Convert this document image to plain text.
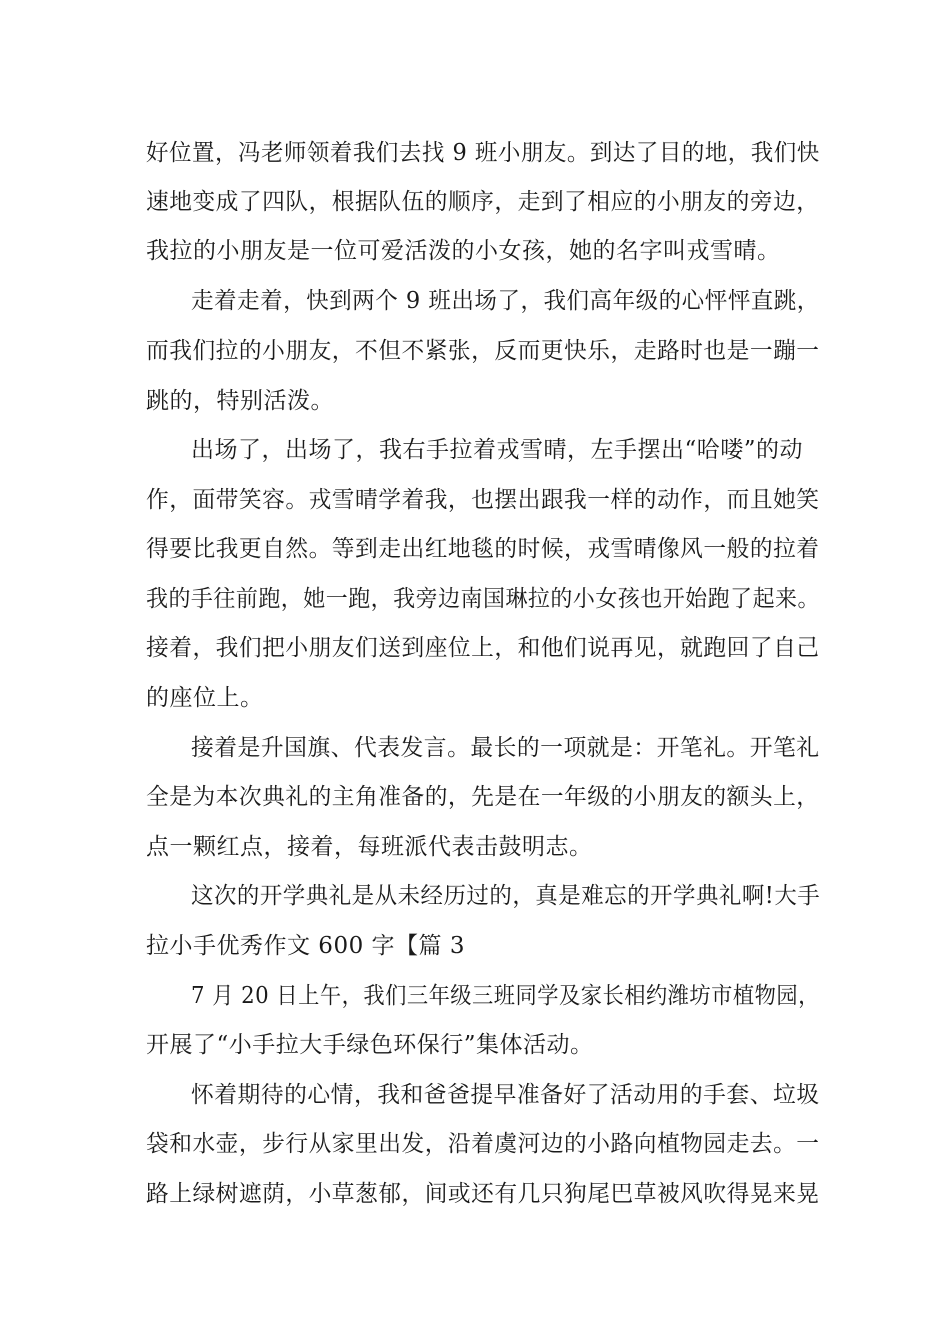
好位置，冯老师领着我们去找 9 班小朋友。到达了目的地，我们快
速地变成了四队，根据队伍的顺序，走到了相应的小朋友的旁边，
我拉的小朋友是一位可爱活泼的小女孩，她的名字叫戎雪晴。
走着走着，快到两个 9 班出场了，我们高年级的心怦怦直跳，
而我们拉的小朋友，不但不紧张，反而更快乐，走路时也是一蹦一
跳的，特别活泼。
出场了，出场了，我右手拉着戎雪晴，左手摆出“哈喽”的动
作，面带笑容。戎雪晴学着我，也摆出跟我一样的动作，而且她笑
得要比我更自然。等到走出红地毯的时候，戎雪晴像风一般的拉着
我的手往前跑，她一跑，我旁边南国琳拉的小女孩也开始跑了起来。
接着，我们把小朋友们送到座位上，和他们说再见，就跑回了自己
的座位上。
接着是升国旗、代表发言。最长的一项就是：开笔礼。开笔礼
全是为本次典礼的主角准备的，先是在一年级的小朋友的额头上，
点一颗红点，接着，每班派代表击鼓明志。
这次的开学典礼是从未经历过的，真是难忘的开学典礼啊!大手
拉小手优秀作文 600 字【篇 3
7 月 20 日上午，我们三年级三班同学及家长相约潍坊市植物园，
开展了“小手拉大手绿色环保行”集体活动。
怀着期待的心情，我和爸爸提早准备好了活动用的手套、垃圾
袋和水壶，步行从家里出发，沿着虞河边的小路向植物园走去。一
路上绿树遮荫，小草葱郁，间或还有几只狗尾巴草被风吹得晃来晃
